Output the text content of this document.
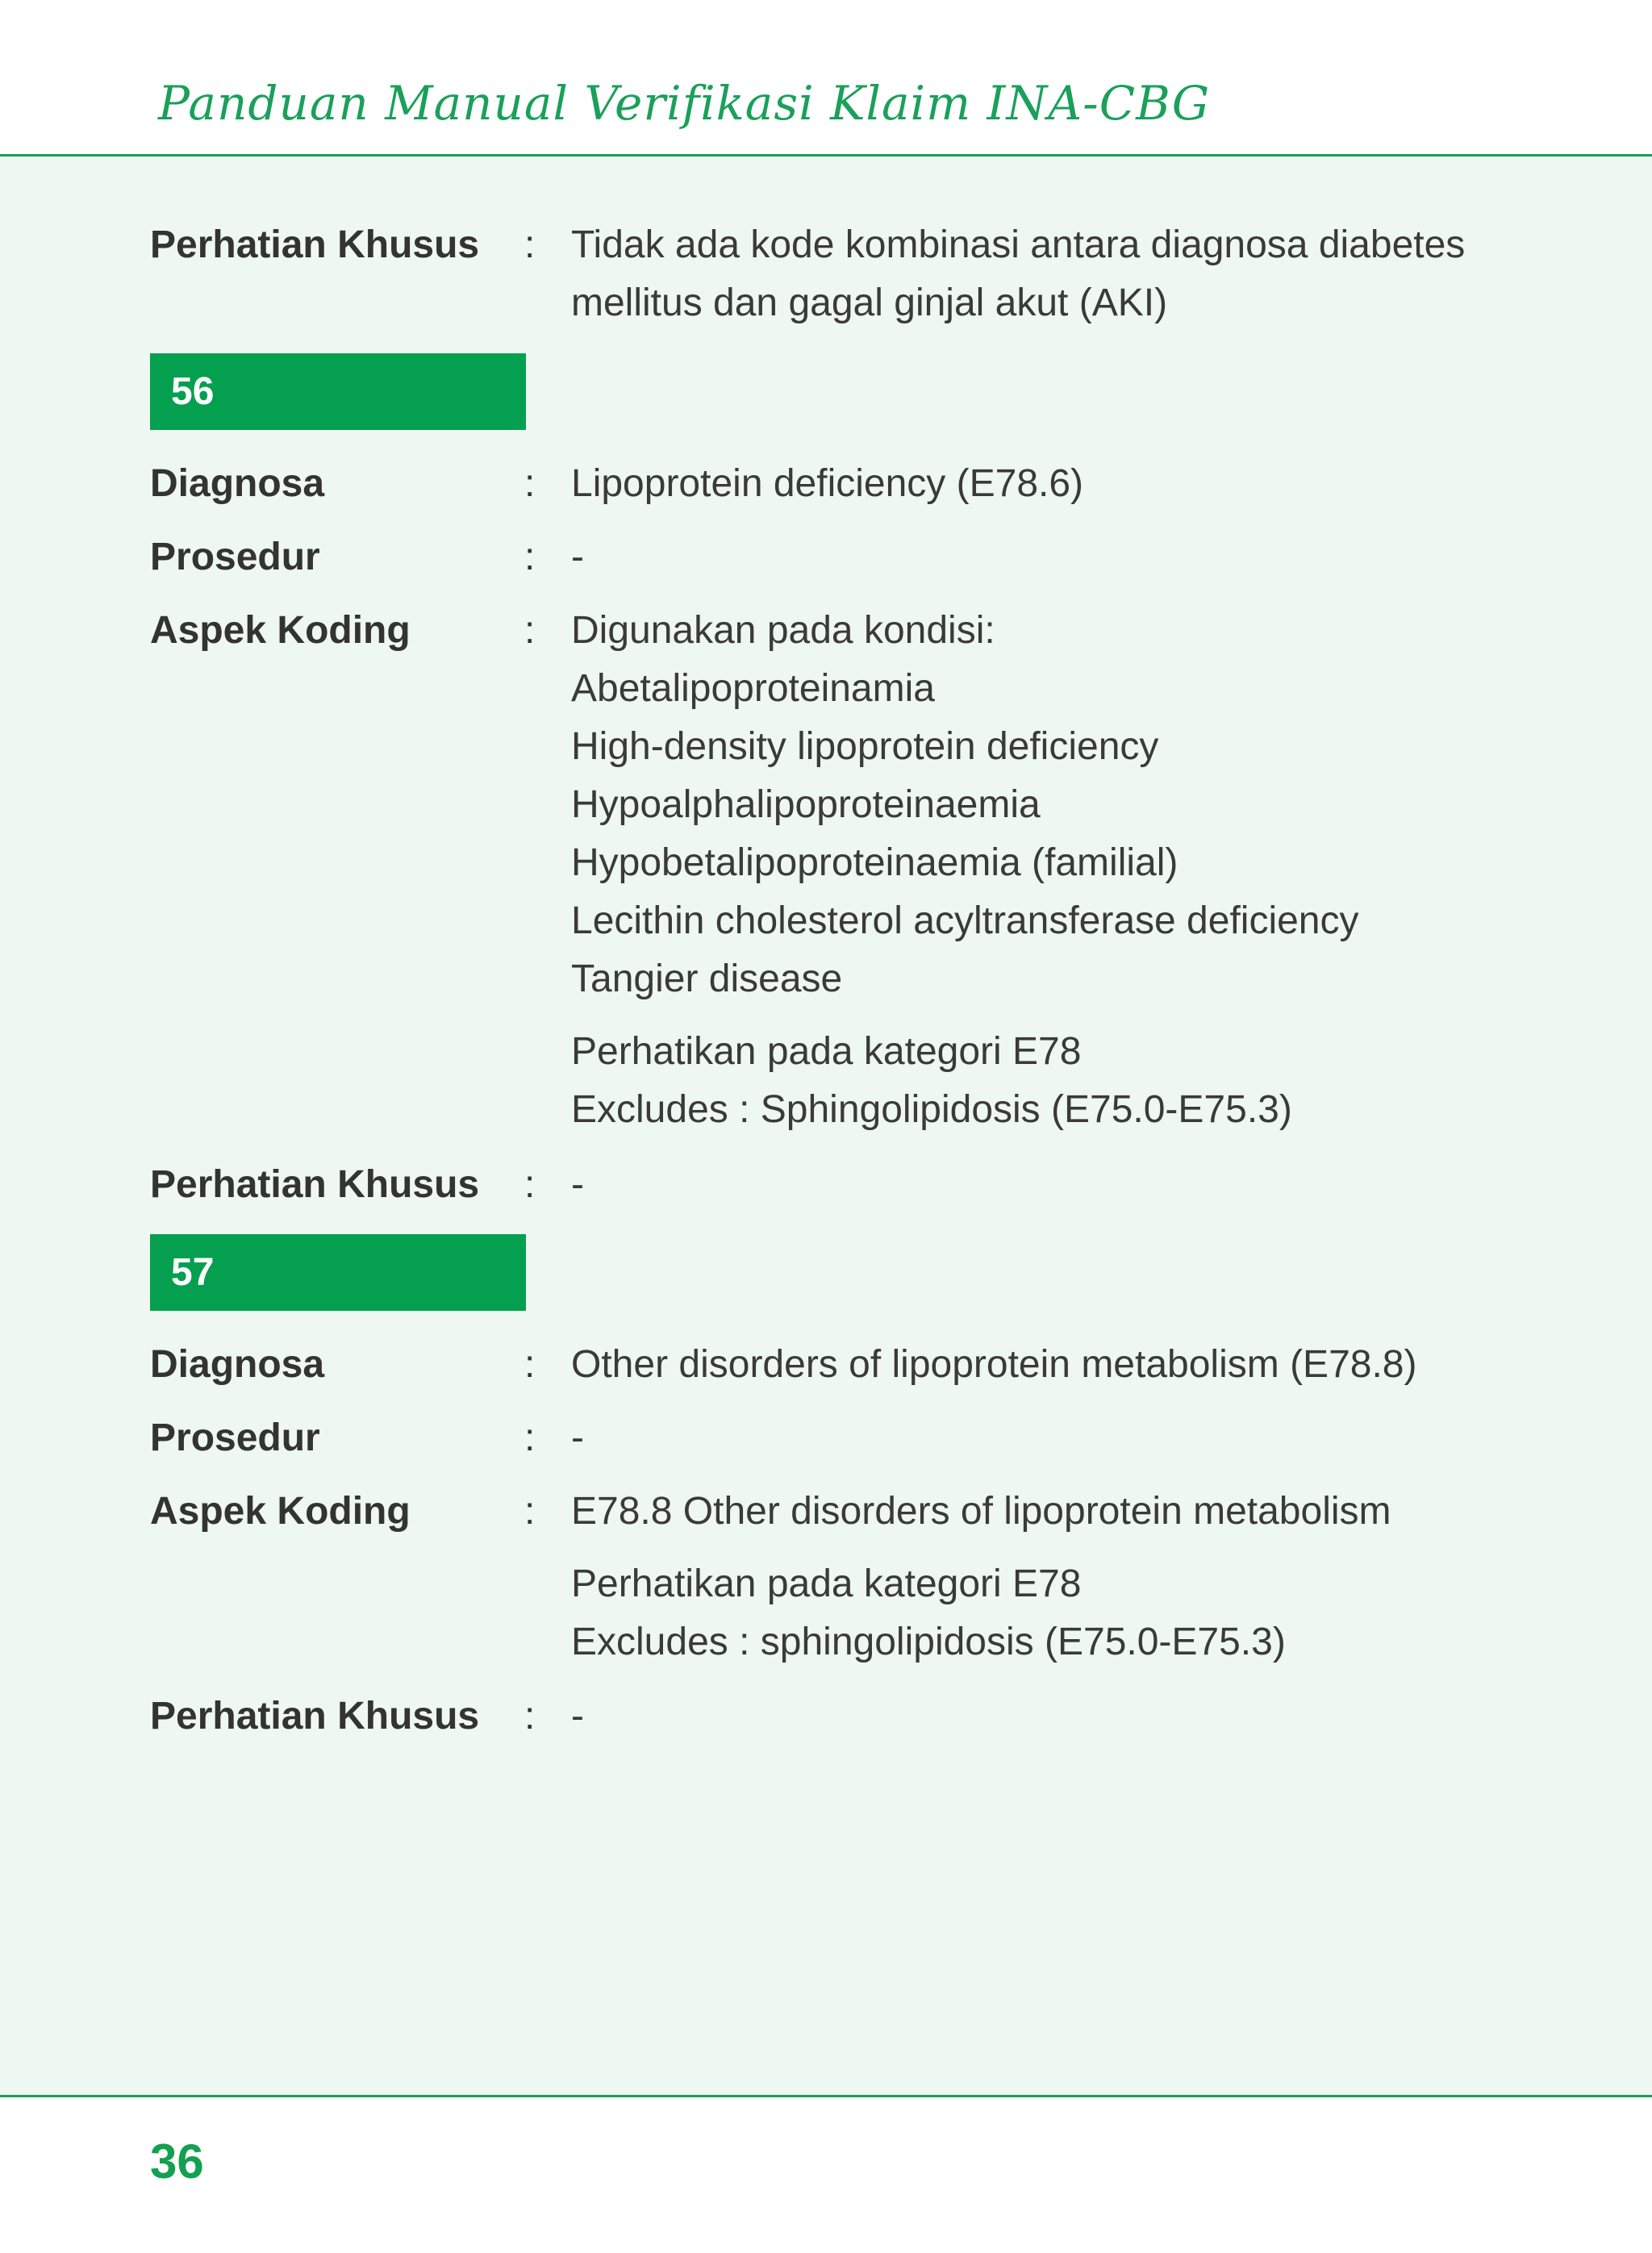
Panduan Manual Verifikasi Klaim INA-CBG
Perhatian Khusus : Tidak ada kode kombinasi antara diagnosa diabetes
mellitus dan gagal ginjal akut (AKI)
56
Diagnosa	: Lipoprotein deficiency (E78.6)
Prosedur	: -
Aspek Koding	: Digunakan pada kondisi:
Abetalipoproteinamia
High-density lipoprotein deficiency
Hypoalphalipoproteinaemia
Hypobetalipoproteinaemia (familial)
Lecithin cholesterol acyltransferase deficiency
Tangier disease
Perhatikan pada kategori E78
Excludes : Sphingolipidosis (E75.0-E75.3)
Perhatian Khusus : -
57
Diagnosa	: Other disorders of lipoprotein metabolism (E78.8)
Prosedur	: -
Aspek Koding	: E78.8 Other disorders of lipoprotein metabolism
Perhatikan pada kategori E78
Excludes : sphingolipidosis (E75.0-E75.3)
Perhatian Khusus : -
36
